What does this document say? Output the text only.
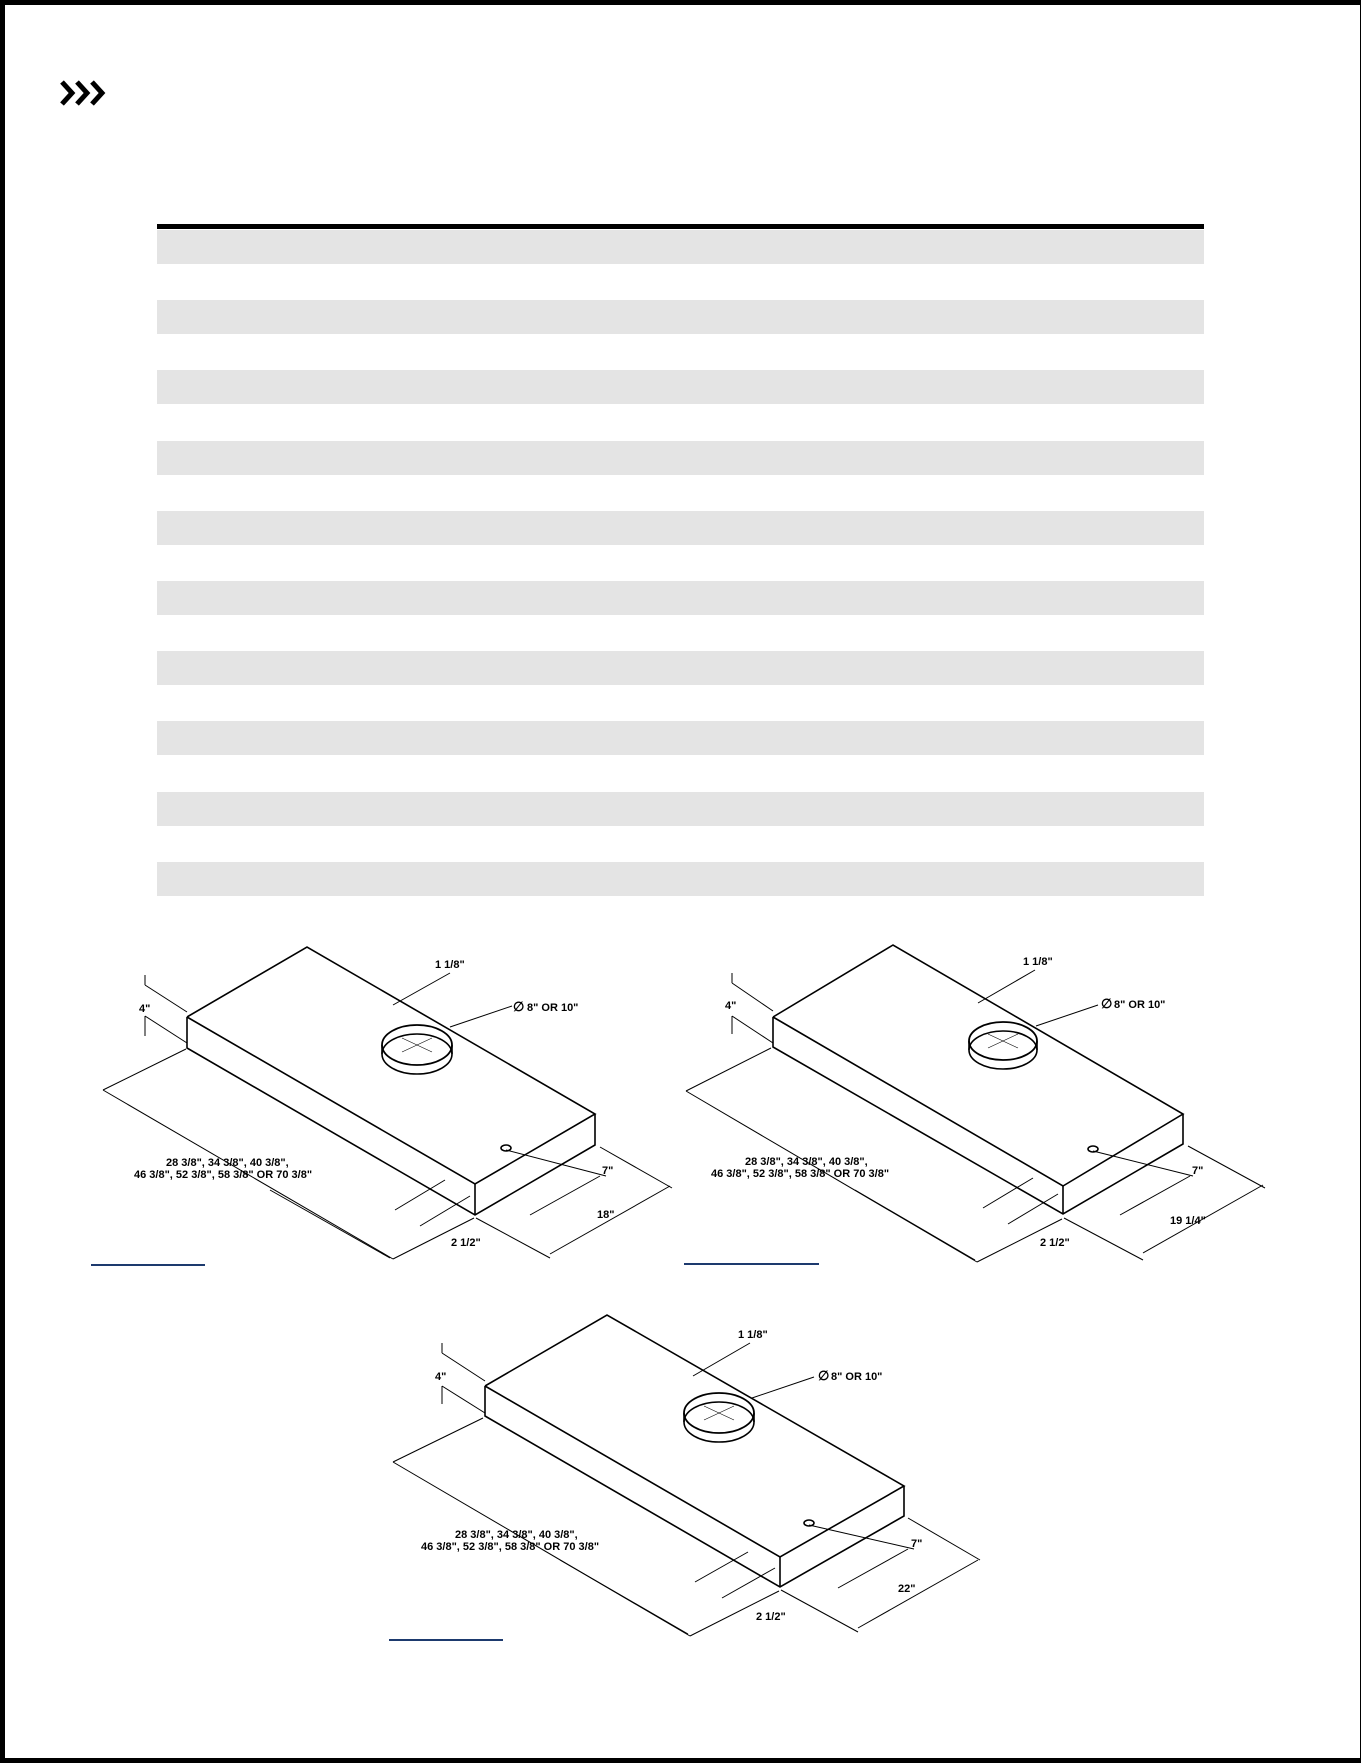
1 1/8"
4"	8" OR 10"
28 3/8", 34 3/8", 40 3/8",
46 3/8", 52 3/8", 58 3/8" OR 70 3/8"	7"
18"
2 1/2"
∅
1 1/8"
4"	8" OR 10"
28 3/8", 34 3/8", 40 3/8",
46 3/8", 52 3/8", 58 3/8" OR 70 3/8"	7"
19 1/4"
2 1/2"
∅
1 1/8"
4"	8" OR 10"
28 3/8", 34 3/8", 40 3/8",
46 3/8", 52 3/8", 58 3/8" OR 70 3/8"	7"
22"
2 1/2"
∅
